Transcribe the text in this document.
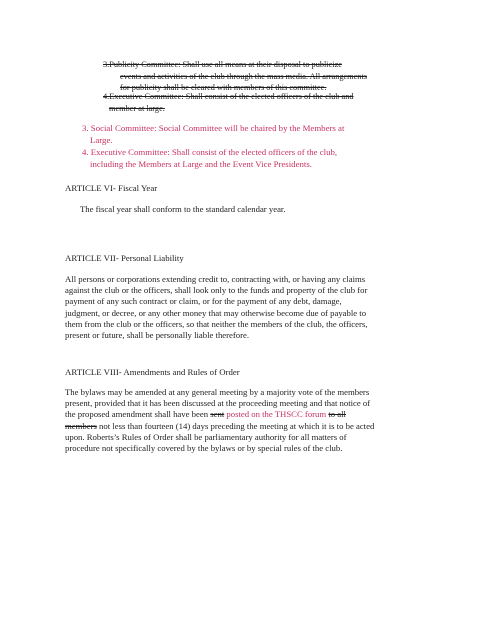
3.Publicity Committee: Shall use all means at their disposal to publicize
events and activities of the club through the mass media. All arrangements
for publicity shall be cleared with members of this committee.
4.Executive Committee: Shall consist of the elected officers of the club and
member at large.
3. Social Committee: Social Committee will be chaired by the Members at
Large.
4. Executive Committee: Shall consist of the elected officers of the club,
including the Members at Large and the Event Vice Presidents.

ARTICLE VI- Fiscal Year

The fiscal year shall conform to the standard calendar year.

ARTICLE VII- Personal Liability

All persons or corporations extending credit to, contracting with, or having any claims
against the club or the officers, shall look only to the funds and property of the club for
payment of any such contract or claim, or for the payment of any debt, damage,
judgment, or decree, or any other money that may otherwise become due of payable to
them from the club or the officers, so that neither the members of the club, the officers,
present or future, shall be personally liable therefore.

ARTICLE VIII- Amendments and Rules of Order

The bylaws may be amended at any general meeting by a majority vote of the members
present, provided that it has been discussed at the proceeding meeting and that notice of
the proposed amendment shall have been sent posted on the THSCC forum to all
members not less than fourteen (14) days preceding the meeting at which it is to be acted
upon. Roberts’s Rules of Order shall be parliamentary authority for all matters of
procedure not specifically covered by the bylaws or by special rules of the club.
